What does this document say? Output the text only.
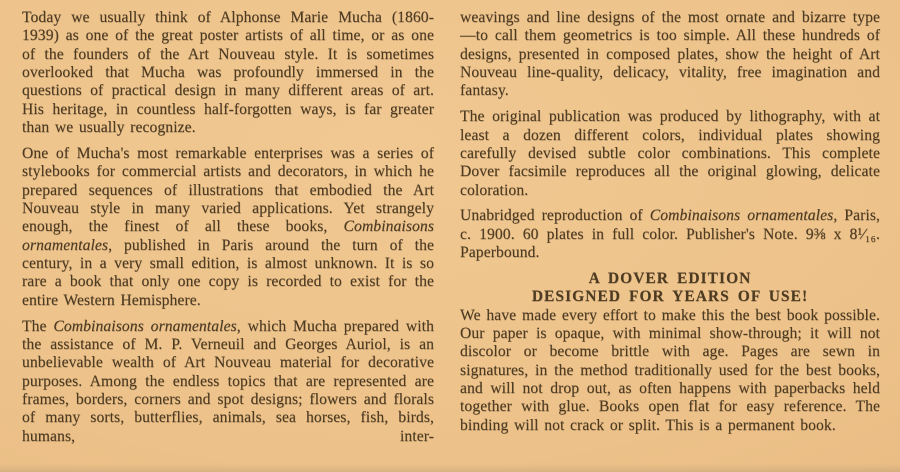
Today we usually think of Alphonse Marie Mucha (1860-1939) as one of the great poster artists of all time, or as one of the founders of the Art Nouveau style. It is sometimes overlooked that Mucha was profoundly immersed in the questions of practical design in many different areas of art. His heritage, in countless half-forgotten ways, is far greater than we usually recognize.

One of Mucha's most remarkable enterprises was a series of stylebooks for commercial artists and decorators, in which he prepared sequences of illustrations that embodied the Art Nouveau style in many varied applications. Yet strangely enough, the finest of all these books, Combinaisons ornamentales, published in Paris around the turn of the century, in a very small edition, is almost unknown. It is so rare a book that only one copy is recorded to exist for the entire Western Hemisphere.

The Combinaisons ornamentales, which Mucha prepared with the assistance of M. P. Verneuil and Georges Auriol, is an unbelievable wealth of Art Nouveau material for decorative purposes. Among the endless topics that are represented are frames, borders, corners and spot designs; flowers and florals of many sorts, butterflies, animals, sea horses, fish, birds, humans, inter-

weavings and line designs of the most ornate and bizarre type—to call them geometrics is too simple. All these hundreds of designs, presented in composed plates, show the height of Art Nouveau line-quality, delicacy, vitality, free imagination and fantasy.

The original publication was produced by lithography, with at least a dozen different colors, individual plates showing carefully devised subtle color combinations. This complete Dover facsimile reproduces all the original glowing, delicate coloration.

Unabridged reproduction of Combinaisons ornamentales, Paris, c. 1900. 60 plates in full color. Publisher's Note. 9⅜ x 8¹⁄₁₆. Paperbound.

A DOVER EDITION
DESIGNED FOR YEARS OF USE!

We have made every effort to make this the best book possible. Our paper is opaque, with minimal show-through; it will not discolor or become brittle with age. Pages are sewn in signatures, in the method traditionally used for the best books, and will not drop out, as often happens with paperbacks held together with glue. Books open flat for easy reference. The binding will not crack or split. This is a permanent book.
